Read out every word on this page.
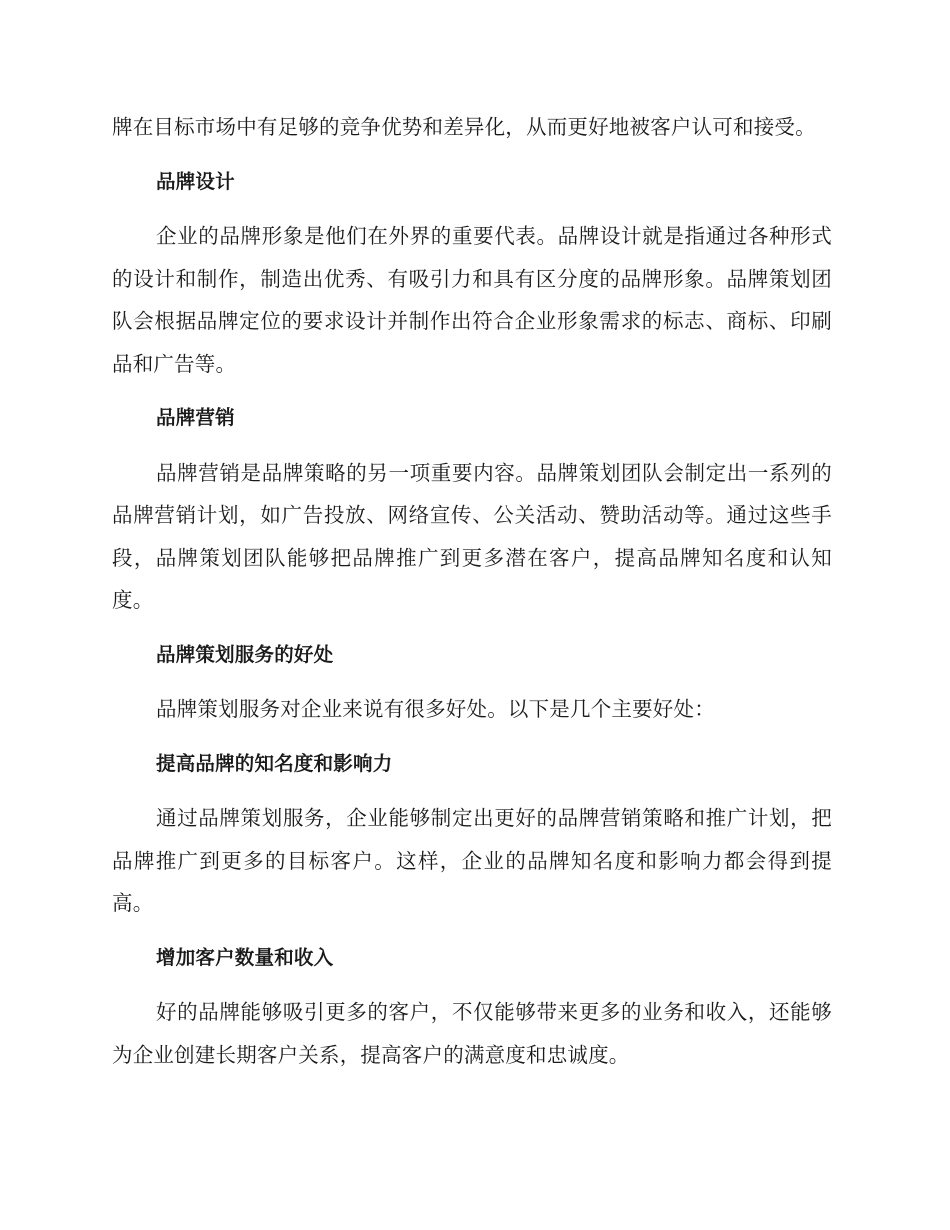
牌在目标市场中有足够的竞争优势和差异化，从而更好地被客户认可和接受。

品牌设计

企业的品牌形象是他们在外界的重要代表。品牌设计就是指通过各种形式的设计和制作，制造出优秀、有吸引力和具有区分度的品牌形象。品牌策划团队会根据品牌定位的要求设计并制作出符合企业形象需求的标志、商标、印刷品和广告等。

品牌营销

品牌营销是品牌策略的另一项重要内容。品牌策划团队会制定出一系列的品牌营销计划，如广告投放、网络宣传、公关活动、赞助活动等。通过这些手段，品牌策划团队能够把品牌推广到更多潜在客户，提高品牌知名度和认知度。

品牌策划服务的好处

品牌策划服务对企业来说有很多好处。以下是几个主要好处：

提高品牌的知名度和影响力

通过品牌策划服务，企业能够制定出更好的品牌营销策略和推广计划，把品牌推广到更多的目标客户。这样，企业的品牌知名度和影响力都会得到提高。

增加客户数量和收入

好的品牌能够吸引更多的客户，不仅能够带来更多的业务和收入，还能够为企业创建长期客户关系，提高客户的满意度和忠诚度。
